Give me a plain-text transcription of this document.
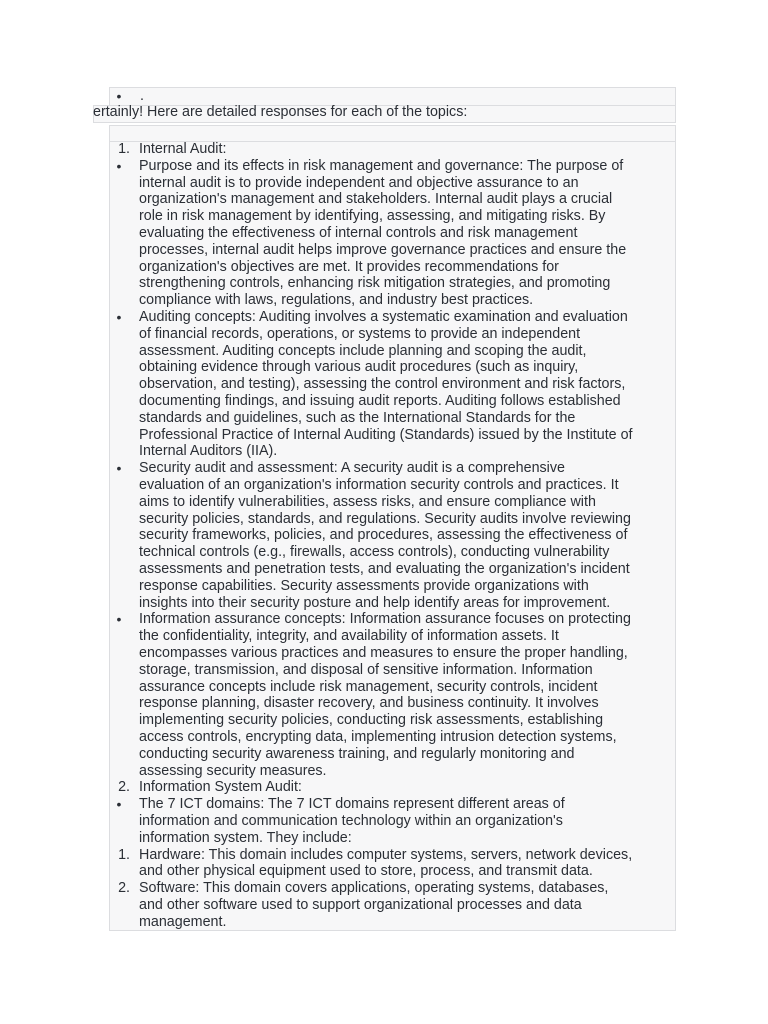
• .
ertainly! Here are detailed responses for each of the topics:
1. Internal Audit:
• Purpose and its effects in risk management and governance: The purpose of
internal audit is to provide independent and objective assurance to an
organization's management and stakeholders. Internal audit plays a crucial
role in risk management by identifying, assessing, and mitigating risks. By
evaluating the effectiveness of internal controls and risk management
processes, internal audit helps improve governance practices and ensure the
organization's objectives are met. It provides recommendations for
strengthening controls, enhancing risk mitigation strategies, and promoting
compliance with laws, regulations, and industry best practices.
• Auditing concepts: Auditing involves a systematic examination and evaluation
of financial records, operations, or systems to provide an independent
assessment. Auditing concepts include planning and scoping the audit,
obtaining evidence through various audit procedures (such as inquiry,
observation, and testing), assessing the control environment and risk factors,
documenting findings, and issuing audit reports. Auditing follows established
standards and guidelines, such as the International Standards for the
Professional Practice of Internal Auditing (Standards) issued by the Institute of
Internal Auditors (IIA).
• Security audit and assessment: A security audit is a comprehensive
evaluation of an organization's information security controls and practices. It
aims to identify vulnerabilities, assess risks, and ensure compliance with
security policies, standards, and regulations. Security audits involve reviewing
security frameworks, policies, and procedures, assessing the effectiveness of
technical controls (e.g., firewalls, access controls), conducting vulnerability
assessments and penetration tests, and evaluating the organization's incident
response capabilities. Security assessments provide organizations with
insights into their security posture and help identify areas for improvement.
• Information assurance concepts: Information assurance focuses on protecting
the confidentiality, integrity, and availability of information assets. It
encompasses various practices and measures to ensure the proper handling,
storage, transmission, and disposal of sensitive information. Information
assurance concepts include risk management, security controls, incident
response planning, disaster recovery, and business continuity. It involves
implementing security policies, conducting risk assessments, establishing
access controls, encrypting data, implementing intrusion detection systems,
conducting security awareness training, and regularly monitoring and
assessing security measures.
2. Information System Audit:
• The 7 ICT domains: The 7 ICT domains represent different areas of
information and communication technology within an organization's
information system. They include:
1. Hardware: This domain includes computer systems, servers, network devices,
and other physical equipment used to store, process, and transmit data.
2. Software: This domain covers applications, operating systems, databases,
and other software used to support organizational processes and data
management.
